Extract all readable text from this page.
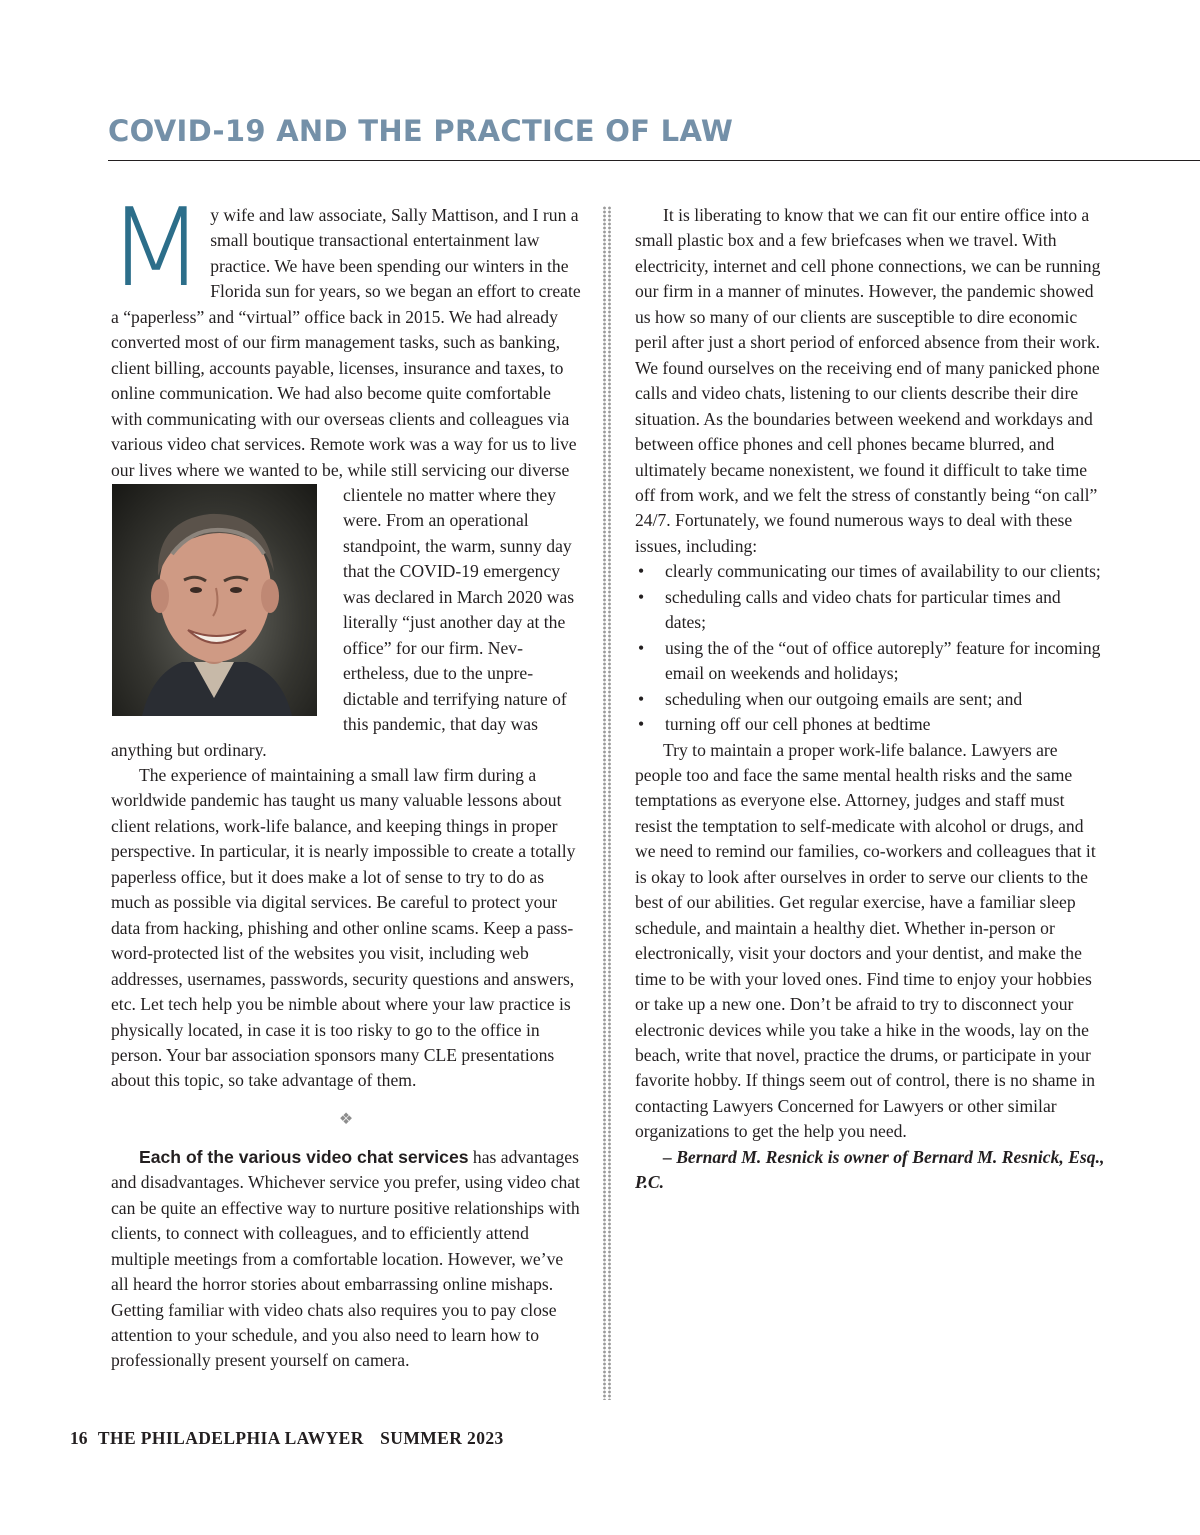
COVID-19 AND THE PRACTICE OF LAW

My wife and law associate, Sally Mattison, and I run a small boutique transactional entertainment law practice. We have been spending our winters in the Florida sun for years, so we began an effort to create a “paperless” and “virtual” office back in 2015. We had already converted most of our firm management tasks, such as banking, client billing, accounts payable, licenses, insurance and taxes, to online communication. We had also become quite comfortable with communicating with our overseas clients and colleagues via various video chat services. Remote work was a way for us to live our lives where we wanted to be, while still servic
ing our diverse clientele no matter where they were. From an operational standpoint, the warm, sunny day that the COVID-19 emergency was declared in March 2020 was literally “just another day at the office” for our firm. Nevertheless, due to the unpredictable and terrifying nature of this pandemic, that day was anything but ordinary.

The experience of maintaining a small law firm during a worldwide pandemic has taught us many valuable lessons about client relations, work-life balance, and keeping things in proper perspective. In particular, it is nearly impossible to create a totally paperless office, but it does make a lot of sense to try to do as much as possible via digital services. Be careful to protect your data from hacking, phishing and other online scams. Keep a password-protected list of the websites you visit, including web addresses, usernames, passwords, security questions and answers, etc. Let tech help you be nimble about where your law practice is physically located, in case it is too risky to go to the office in person. Your bar association sponsors many CLE presentations about this topic, so take advantage of them.

❖

Each of the various video chat services has advantages and disadvantages. Whichever service you prefer, using video chat can be quite an effective way to nurture positive relationships with clients, to connect with colleagues, and to efficiently attend multiple meetings from a comfortable location. However, we’ve all heard the horror stories about embarrassing online mishaps. Getting familiar with video chats also requires you to pay close attention to your schedule, and you also need to learn how to professionally present yourself on camera.

It is liberating to know that we can fit our entire office into a small plastic box and a few briefcases when we travel. With electricity, internet and cell phone connections, we can be running our firm in a manner of minutes. However, the pandemic showed us how so many of our clients are susceptible to dire economic peril after just a short period of enforced absence from their work. We found ourselves on the receiving end of many panicked phone calls and video chats, listening to our clients describe their dire situation. As the boundaries between weekend and workdays and between office phones and cell phones became blurred, and ultimately became nonexistent, we found it difficult to take time off from work, and we felt the stress of constantly being “on call” 24/7. Fortunately, we found numerous ways to deal with these issues, including:

• clearly communicating our times of availability to our clients;
• scheduling calls and video chats for particular times and dates;
• using the of the “out of office autoreply” feature for incoming email on weekends and holidays;
• scheduling when our outgoing emails are sent; and
• turning off our cell phones at bedtime

Try to maintain a proper work-life balance. Lawyers are people too and face the same mental health risks and the same temptations as everyone else. Attorney, judges and staff must resist the temptation to self-medicate with alcohol or drugs, and we need to remind our families, co-workers and colleagues that it is okay to look after ourselves in order to serve our clients to the best of our abilities. Get regular exercise, have a familiar sleep schedule, and maintain a healthy diet. Whether in-person or electronically, visit your doctors and your dentist, and make the time to be with your loved ones. Find time to enjoy your hobbies or take up a new one. Don’t be afraid to try to disconnect your electronic devices while you take a hike in the woods, lay on the beach, write that novel, practice the drums, or participate in your favorite hobby. If things seem out of control, there is no shame in contacting Lawyers Concerned for Lawyers or other similar organizations to get the help you need.

– Bernard M. Resnick is owner of Bernard M. Resnick, Esq., P.C.

16 THE PHILADELPHIA LAWYER SUMMER 2023
